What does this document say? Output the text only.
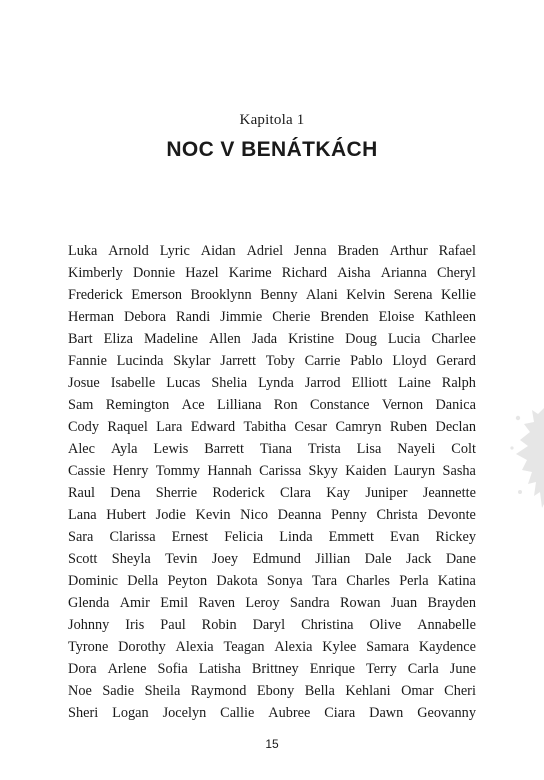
Kapitola 1
NOC V BENÁTKÁCH
Luka Arnold Lyric Aidan Adriel Jenna Braden Arthur Rafael
Kimberly Donnie Hazel Karime Richard Aisha Arianna Cheryl
Frederick Emerson Brooklynn Benny Alani Kelvin Serena Kellie
Herman Debora Randi Jimmie Cherie Brenden Eloise Kathleen
Bart Eliza Madeline Allen Jada Kristine Doug Lucia Charlee
Fannie Lucinda Skylar Jarrett Toby Carrie Pablo Lloyd Gerard
Josue Isabelle Lucas Shelia Lynda Jarrod Elliott Laine Ralph
Sam Remington Ace Lilliana Ron Constance Vernon Danica
Cody Raquel Lara Edward Tabitha Cesar Camryn Ruben Declan
Alec Ayla Lewis Barrett Tiana Trista Lisa Nayeli Colt
Cassie Henry Tommy Hannah Carissa Skyy Kaiden Lauryn Sasha
Raul Dena Sherrie Roderick Clara Kay Juniper Jeannette
Lana Hubert Jodie Kevin Nico Deanna Penny Christa Devonte
Sara Clarissa Ernest Felicia Linda Emmett Evan Rickey
Scott Sheyla Tevin Joey Edmund Jillian Dale Jack Dane
Dominic Della Peyton Dakota Sonya Tara Charles Perla Katina
Glenda Amir Emil Raven Leroy Sandra Rowan Juan Brayden
Johnny Iris Paul Robin Daryl Christina Olive Annabelle
Tyrone Dorothy Alexia Teagan Alexia Kylee Samara Kaydence
Dora Arlene Sofia Latisha Brittney Enrique Terry Carla June
Noe Sadie Sheila Raymond Ebony Bella Kehlani Omar Cheri
Sheri Logan Jocelyn Callie Aubree Ciara Dawn Geovanny
15
